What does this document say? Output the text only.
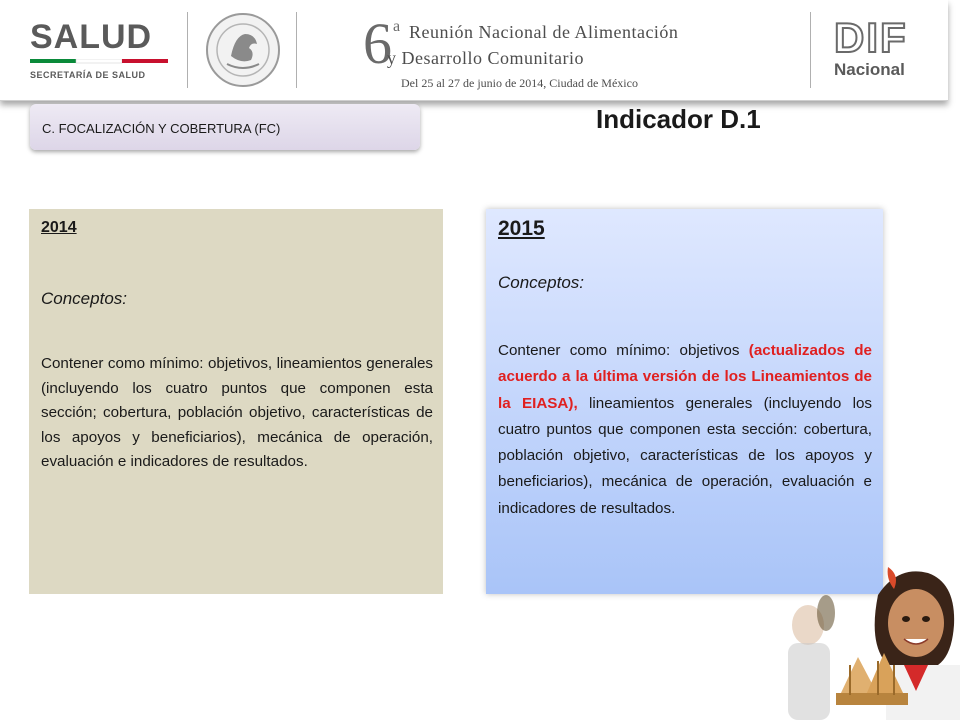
SALUD
SECRETARÍA DE SALUD	6 a Reunión Nacional de Alimentación
y Desarrollo Comunitario
Del 25 al 27 de junio de 2014, Ciudad de México
DIF
Nacional
C. FOCALIZACIÓN Y COBERTURA (FC)	Indicador D.1
2014
Conceptos:
Contener como mínimo: objetivos, lineamientos generales (incluyendo los cuatro puntos que componen esta sección; cobertura, población objetivo, características de los apoyos y beneficiarios), mecánica de operación, evaluación e indicadores de resultados.
2015
Conceptos:
Contener como mínimo: objetivos (actualizados de acuerdo a la última versión de los Lineamientos de la EIASA), lineamientos generales (incluyendo los cuatro puntos que componen esta sección: cobertura, población objetivo, características de los apoyos y beneficiarios), mecánica de operación, evaluación e indicadores de resultados.
